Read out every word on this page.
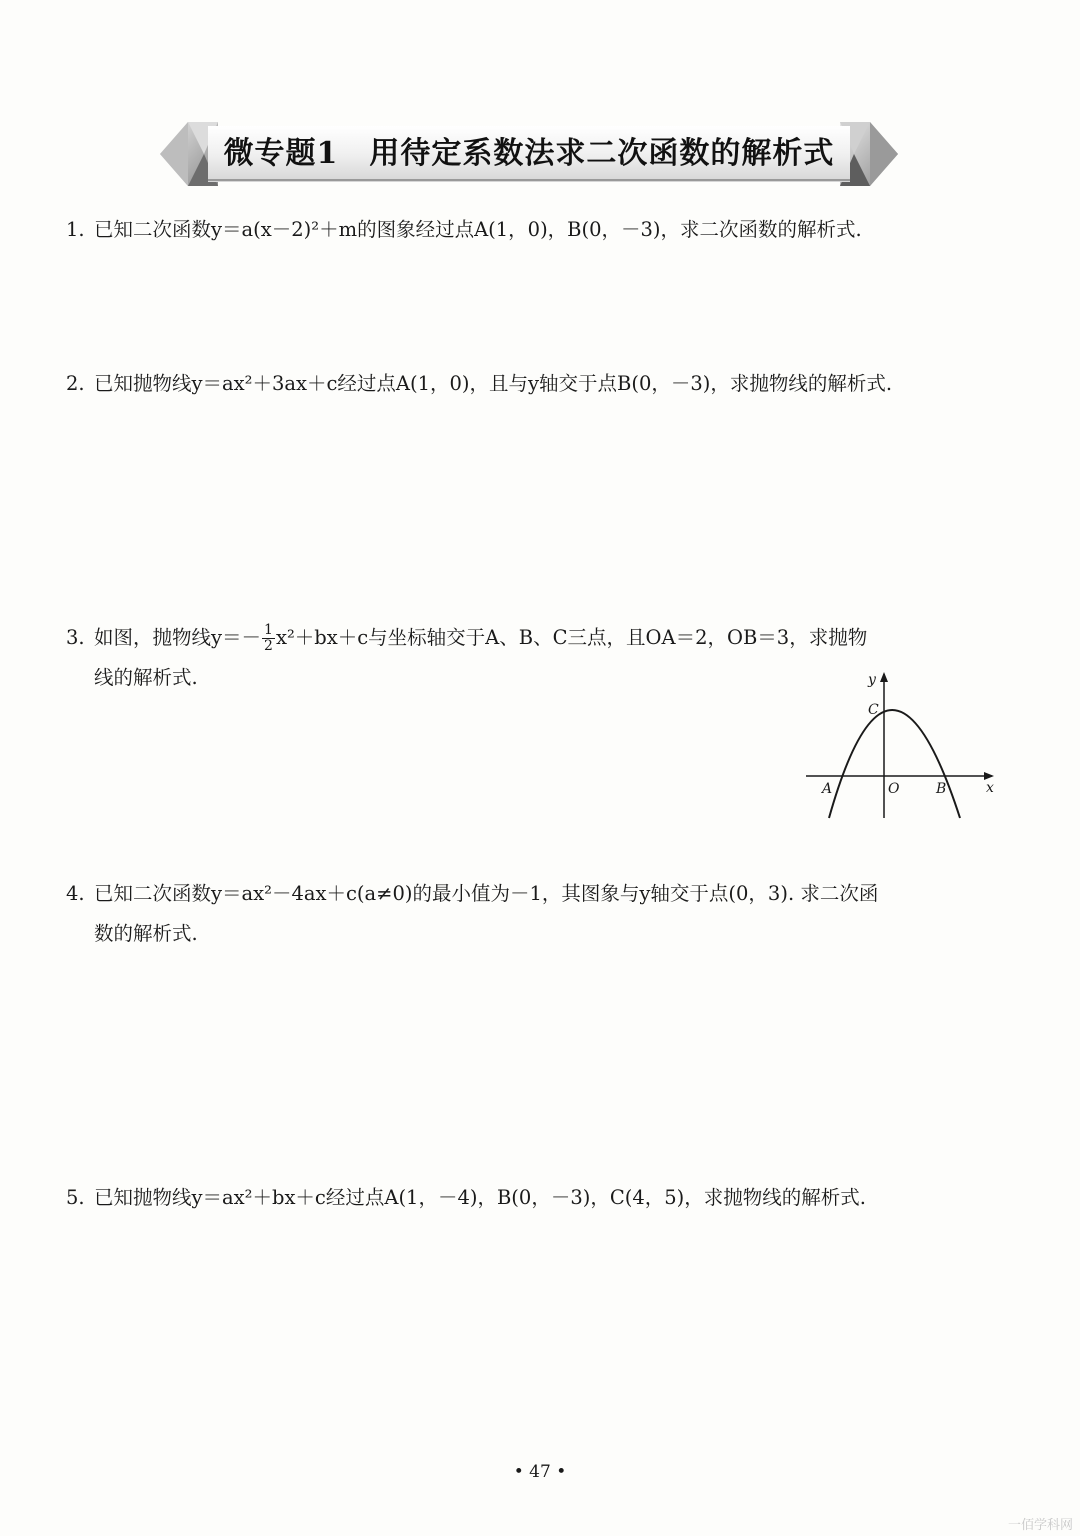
微专题1　用待定系数法求二次函数的解析式
1. 已知二次函数y＝a(x－2)²＋m的图象经过点A(1，0)，B(0，－3)，求二次函数的解析式.
2. 已知抛物线y＝ax²＋3ax＋c经过点A(1，0)，且与y轴交于点B(0，－3)，求抛物线的解析式.
3. 如图，抛物线$y=- \frac{1}{2} x^2+bx+c$与坐标轴交于A、B、C三点，且OA＝2，OB＝3，求抛物
线的解析式.	y
x
C
O
A	B
4. 已知二次函数y＝ax²－4ax＋c(a≠0)的最小值为－1，其图象与y轴交于点(0，3). 求二次函
数的解析式.
5. 已知抛物线y＝ax²＋bx＋c经过点A(1，－4)，B(0，－3)，C(4，5)，求抛物线的解析式.
• 47 •
一佰学科网
